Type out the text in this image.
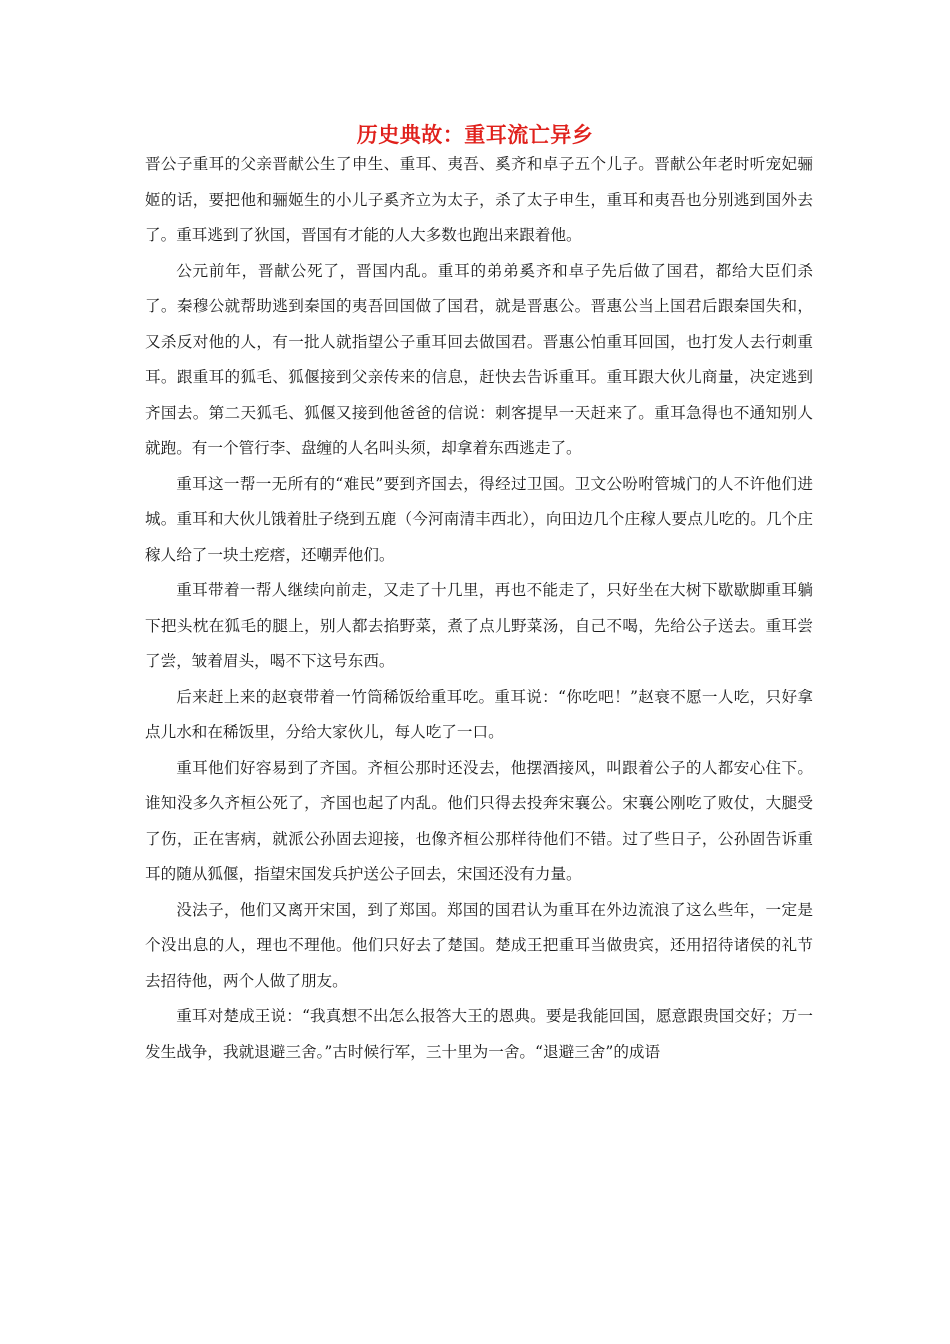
历史典故：重耳流亡异乡

晋公子重耳的父亲晋献公生了申生、重耳、夷吾、奚齐和卓子五个儿子。晋献公年老时听宠妃骊姬的话，要把他和骊姬生的小儿子奚齐立为太子，杀了太子申生，重耳和夷吾也分别逃到国外去了。重耳逃到了狄国，晋国有才能的人大多数也跑出来跟着他。

公元前年，晋献公死了，晋国内乱。重耳的弟弟奚齐和卓子先后做了国君，都给大臣们杀了。秦穆公就帮助逃到秦国的夷吾回国做了国君，就是晋惠公。晋惠公当上国君后跟秦国失和，又杀反对他的人，有一批人就指望公子重耳回去做国君。晋惠公怕重耳回国，也打发人去行刺重耳。跟重耳的狐毛、狐偃接到父亲传来的信息，赶快去告诉重耳。重耳跟大伙儿商量，决定逃到齐国去。第二天狐毛、狐偃又接到他爸爸的信说：刺客提早一天赶来了。重耳急得也不通知别人就跑。有一个管行李、盘缠的人名叫头须，却拿着东西逃走了。

重耳这一帮一无所有的“难民”要到齐国去，得经过卫国。卫文公吩咐管城门的人不许他们进城。重耳和大伙儿饿着肚子绕到五鹿（今河南清丰西北），向田边几个庄稼人要点儿吃的。几个庄稼人给了一块土疙瘩，还嘲弄他们。

重耳带着一帮人继续向前走，又走了十几里，再也不能走了，只好坐在大树下歇歇脚重耳躺下把头枕在狐毛的腿上，别人都去掐野菜，煮了点儿野菜汤，自己不喝，先给公子送去。重耳尝了尝，皱着眉头，喝不下这号东西。

后来赶上来的赵衰带着一竹筒稀饭给重耳吃。重耳说：“你吃吧！”赵衰不愿一人吃，只好拿点儿水和在稀饭里，分给大家伙儿，每人吃了一口。

重耳他们好容易到了齐国。齐桓公那时还没去，他摆酒接风，叫跟着公子的人都安心住下。谁知没多久齐桓公死了，齐国也起了内乱。他们只得去投奔宋襄公。宋襄公刚吃了败仗，大腿受了伤，正在害病，就派公孙固去迎接，也像齐桓公那样待他们不错。过了些日子，公孙固告诉重耳的随从狐偃，指望宋国发兵护送公子回去，宋国还没有力量。

没法子，他们又离开宋国，到了郑国。郑国的国君认为重耳在外边流浪了这么些年，一定是个没出息的人，理也不理他。他们只好去了楚国。楚成王把重耳当做贵宾，还用招待诸侯的礼节去招待他，两个人做了朋友。

重耳对楚成王说：“我真想不出怎么报答大王的恩典。要是我能回国，愿意跟贵国交好；万一发生战争，我就退避三舍。”古时候行军，三十里为一舍。“退避三舍”的成语
